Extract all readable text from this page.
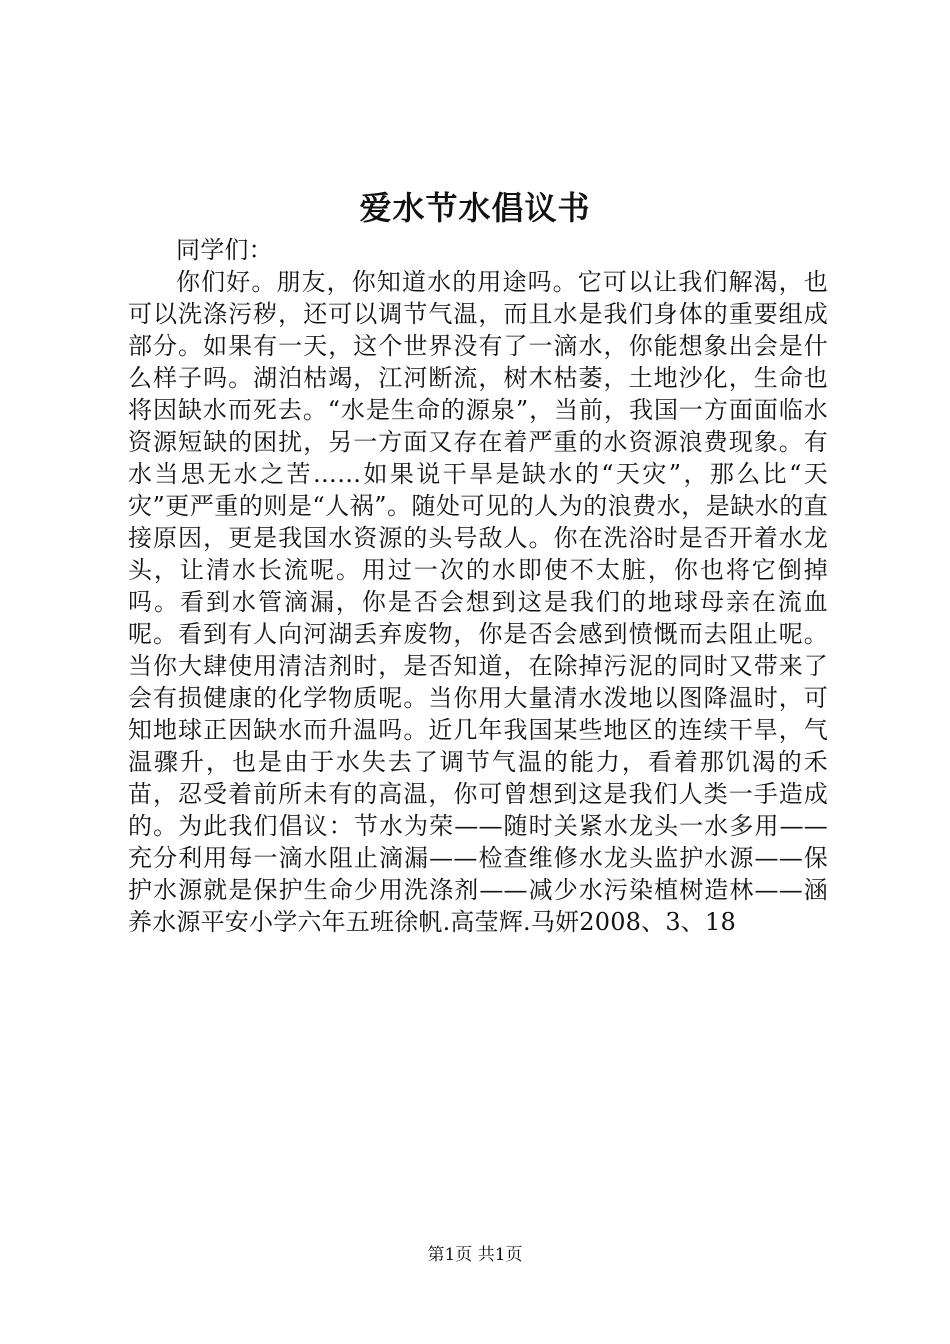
爱水节水倡议书

同学们：

你们好。朋友，你知道水的用途吗。它可以让我们解渴，也可以洗涤污秽，还可以调节气温，而且水是我们身体的重要组成部分。如果有一天，这个世界没有了一滴水，你能想象出会是什么样子吗。湖泊枯竭，江河断流，树木枯萎，土地沙化，生命也将因缺水而死去。“水是生命的源泉”，当前，我国一方面面临水资源短缺的困扰，另一方面又存在着严重的水资源浪费现象。有水当思无水之苦……如果说干旱是缺水的“天灾”，那么比“天灾”更严重的则是“人祸”。随处可见的人为的浪费水，是缺水的直接原因，更是我国水资源的头号敌人。你在洗浴时是否开着水龙头，让清水长流呢。用过一次的水即使不太脏，你也将它倒掉吗。看到水管滴漏，你是否会想到这是我们的地球母亲在流血呢。看到有人向河湖丢弃废物，你是否会感到愤慨而去阻止呢。当你大肆使用清洁剂时，是否知道，在除掉污泥的同时又带来了会有损健康的化学物质呢。当你用大量清水泼地以图降温时，可知地球正因缺水而升温吗。近几年我国某些地区的连续干旱，气温骤升，也是由于水失去了调节气温的能力，看着那饥渴的禾苗，忍受着前所未有的高温，你可曾想到这是我们人类一手造成的。为此我们倡议：节水为荣——随时关紧水龙头一水多用——充分利用每一滴水阻止滴漏——检查维修水龙头监护水源——保护水源就是保护生命少用洗涤剂——减少水污染植树造林——涵养水源平安小学六年五班徐帆.高莹辉.马妍2008、3、18

第1页 共1页
